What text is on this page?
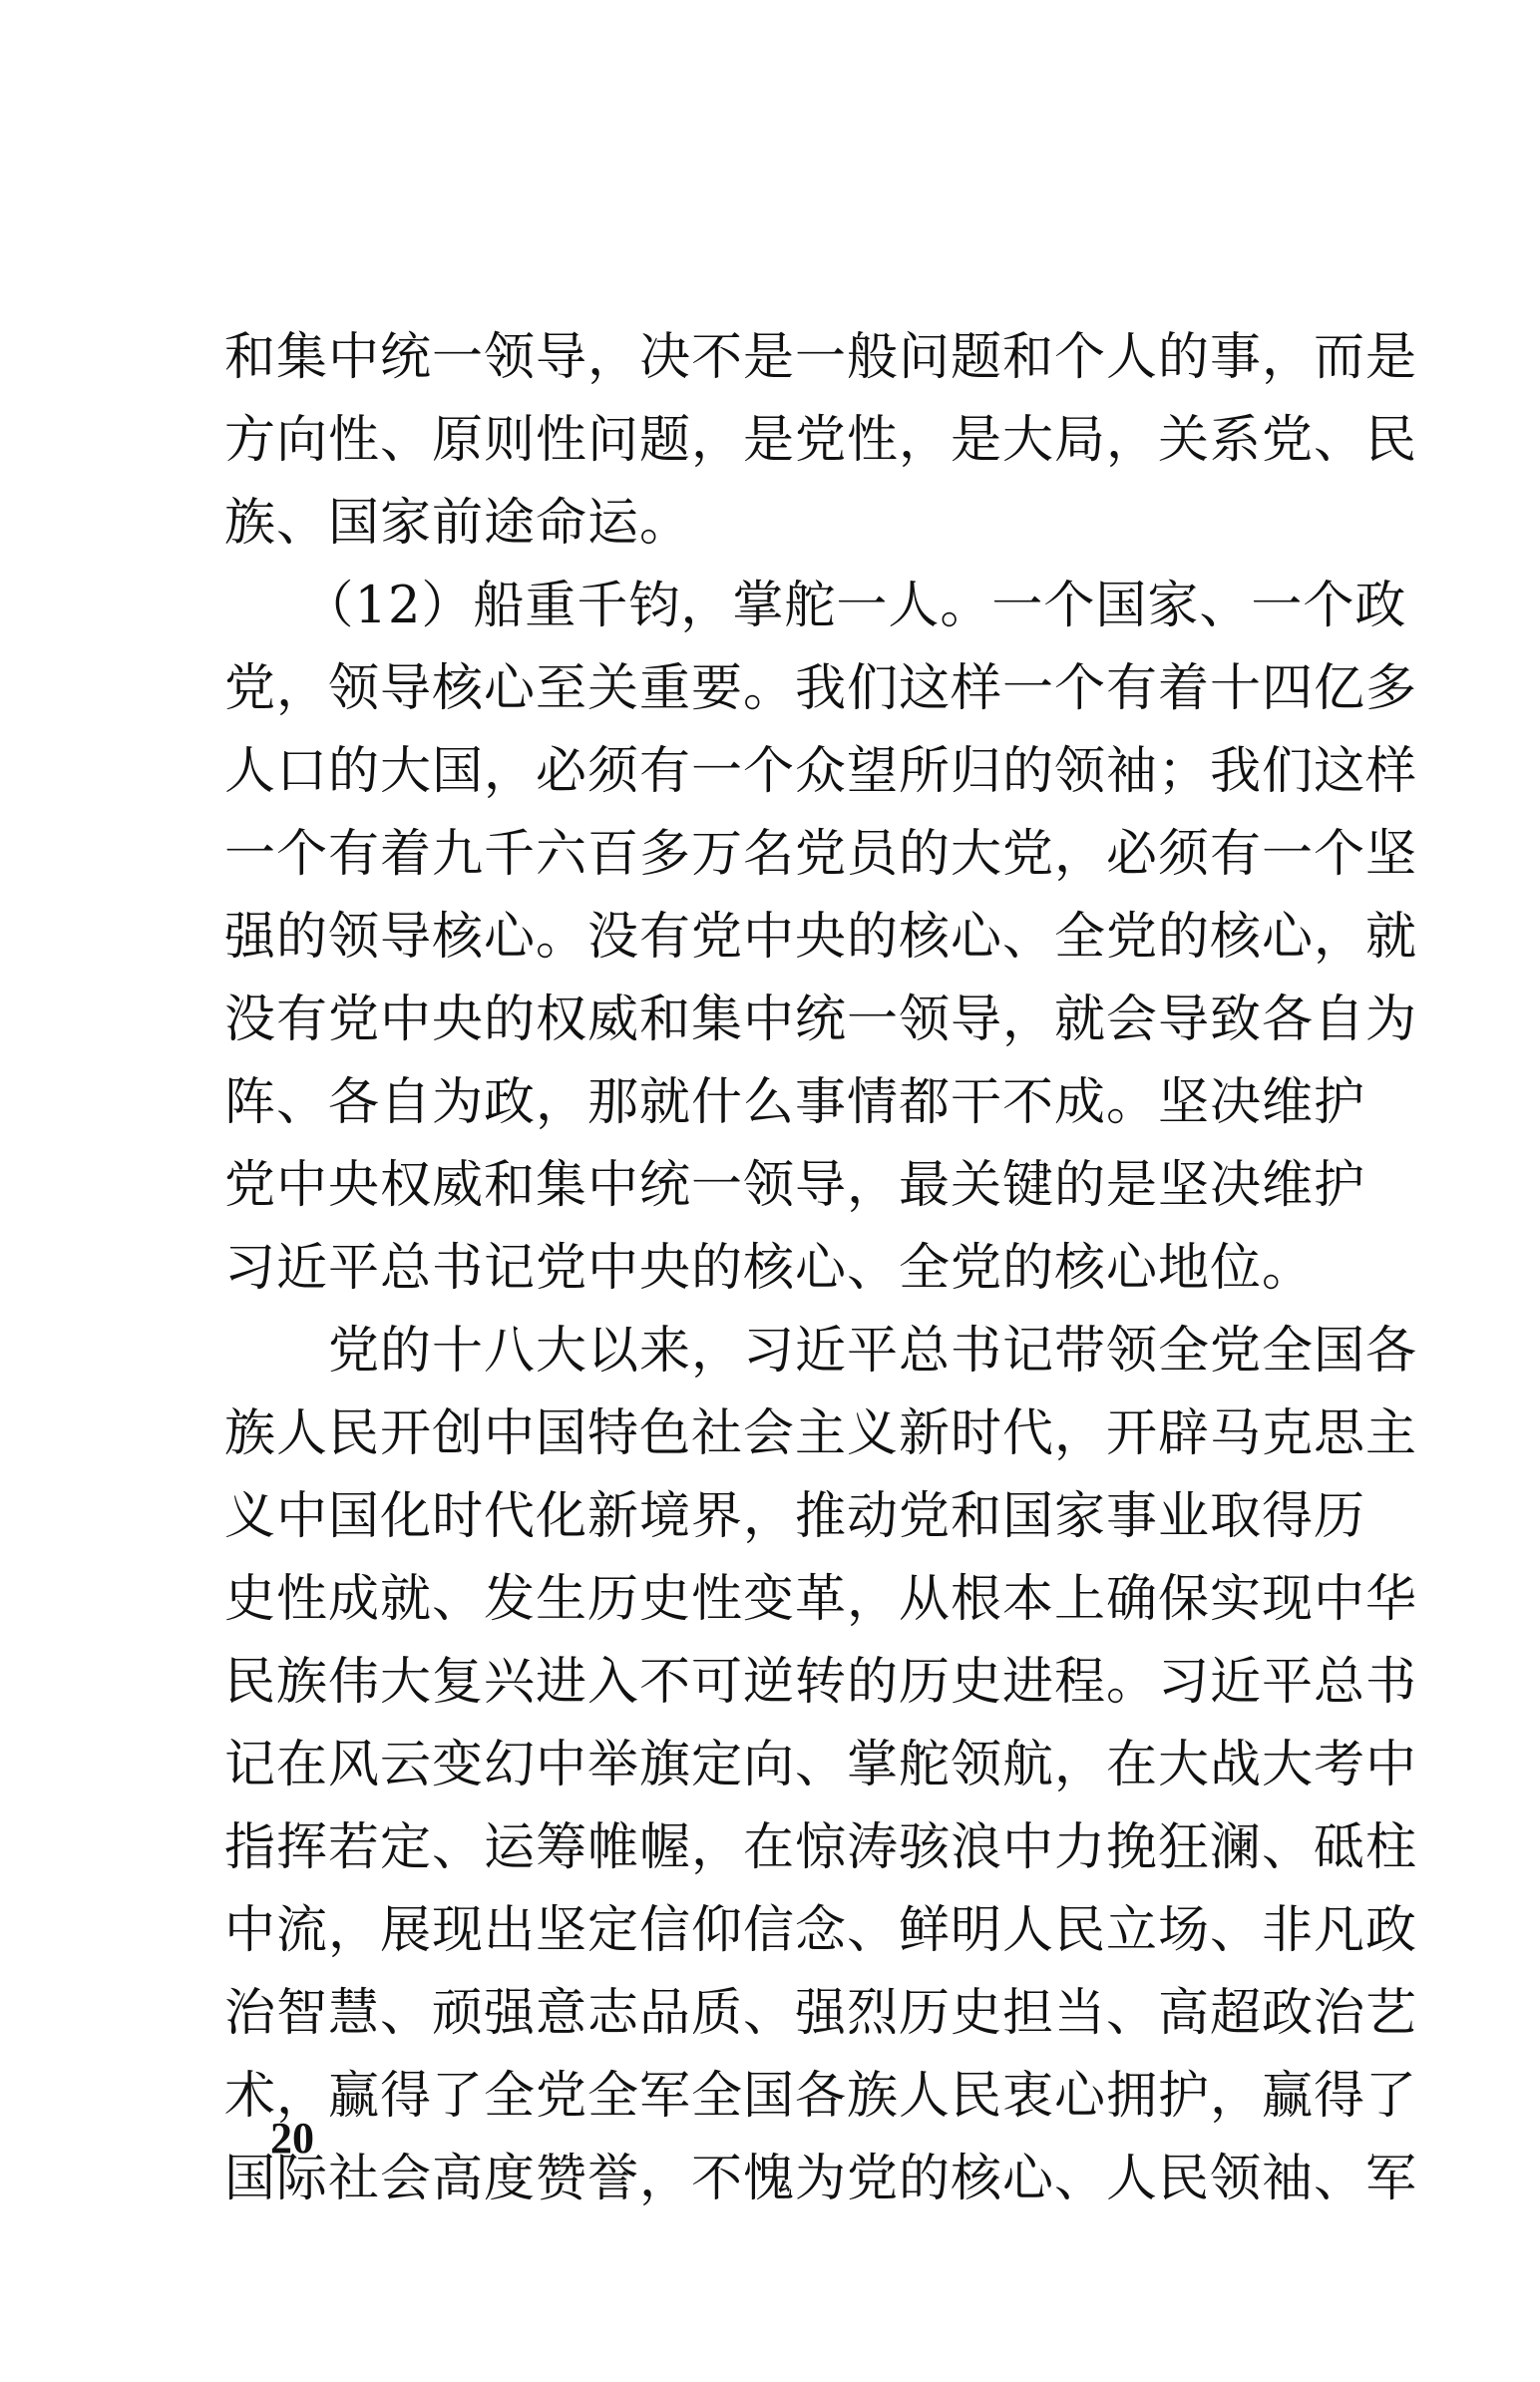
和集中统一领导，决不是一般问题和个人的事，而是
方向性、原则性问题，是党性，是大局，关系党、民
族、国家前途命运。
　　（12）船重千钧，掌舵一人。一个国家、一个政
党，领导核心至关重要。我们这样一个有着十四亿多
人口的大国，必须有一个众望所归的领袖；我们这样
一个有着九千六百多万名党员的大党，必须有一个坚
强的领导核心。没有党中央的核心、全党的核心，就
没有党中央的权威和集中统一领导，就会导致各自为
阵、各自为政，那就什么事情都干不成。坚决维护
党中央权威和集中统一领导，最关键的是坚决维护
习近平总书记党中央的核心、全党的核心地位。
　　党的十八大以来，习近平总书记带领全党全国各
族人民开创中国特色社会主义新时代，开辟马克思主
义中国化时代化新境界，推动党和国家事业取得历
史性成就、发生历史性变革，从根本上确保实现中华
民族伟大复兴进入不可逆转的历史进程。习近平总书
记在风云变幻中举旗定向、掌舵领航，在大战大考中
指挥若定、运筹帷幄，在惊涛骇浪中力挽狂澜、砥柱
中流，展现出坚定信仰信念、鲜明人民立场、非凡政
治智慧、顽强意志品质、强烈历史担当、高超政治艺
术，赢得了全党全军全国各族人民衷心拥护，赢得了
国际社会高度赞誉，不愧为党的核心、人民领袖、军
20
